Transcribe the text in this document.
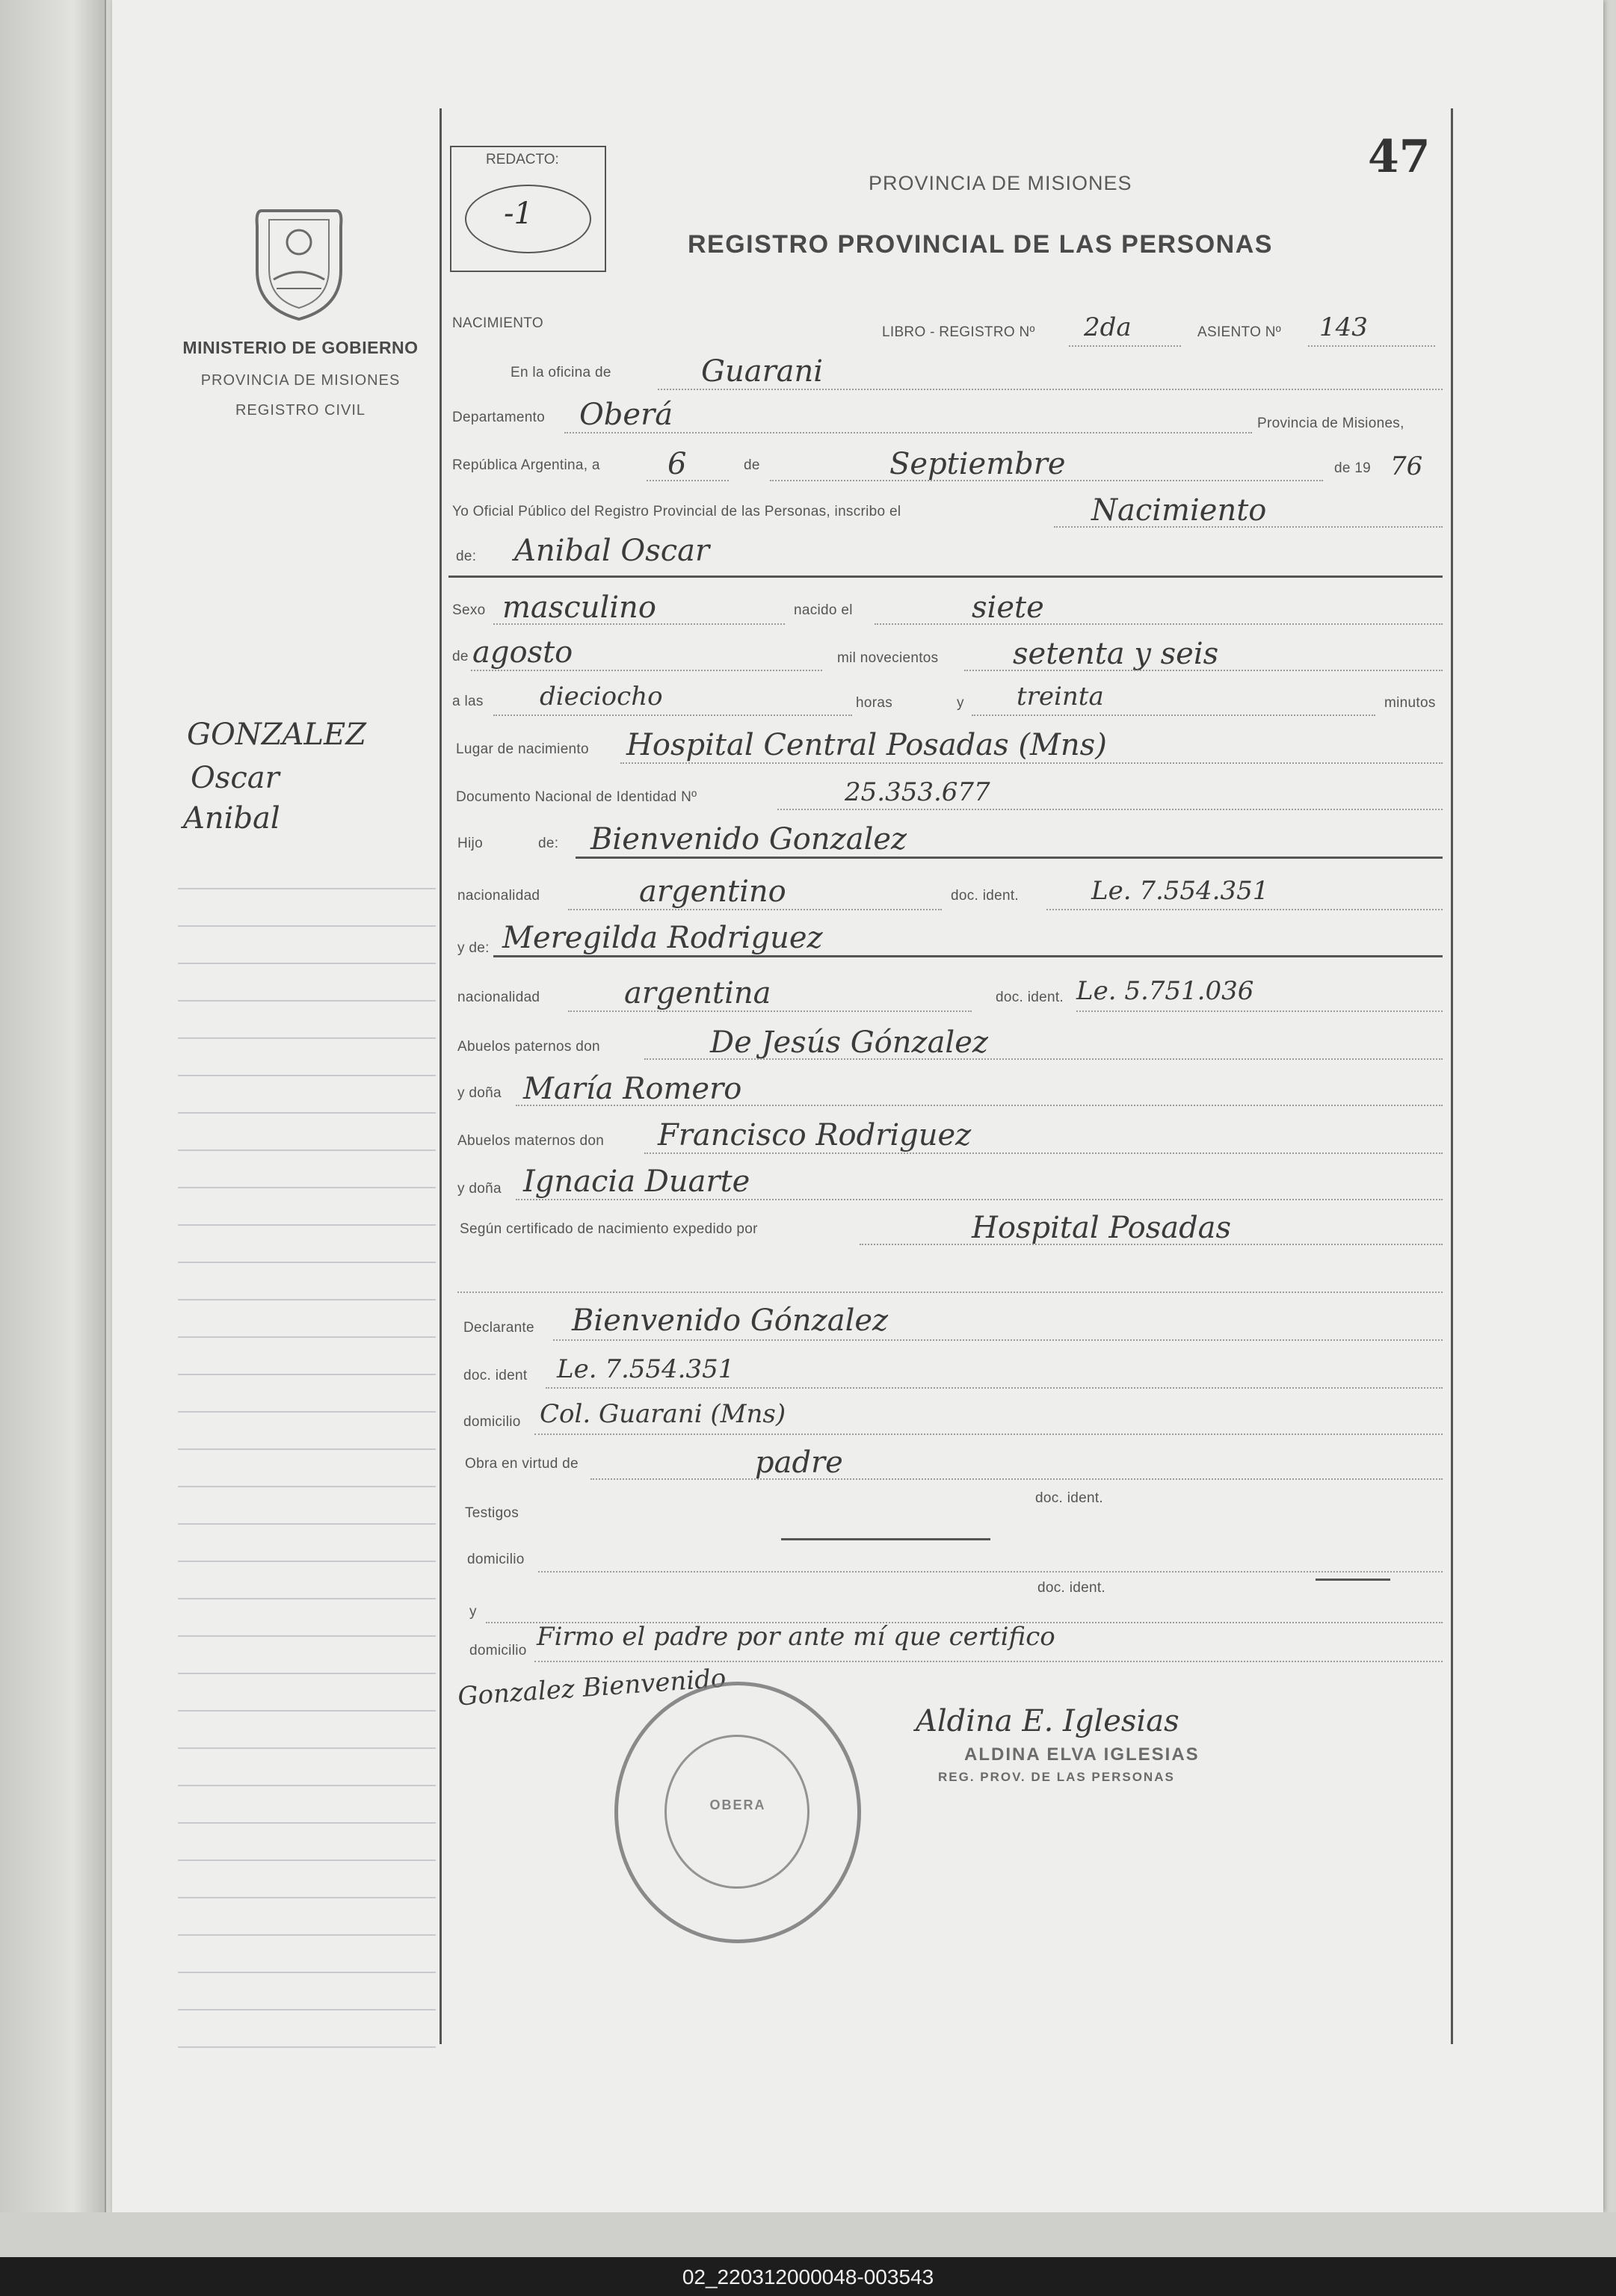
MINISTERIO DE GOBIERNO
PROVINCIA DE MISIONES
REGISTRO CIVIL
GONZALEZ
Oscar
Anibal
REDACTO:
-1
47
PROVINCIA DE MISIONES
REGISTRO PROVINCIAL DE LAS PERSONAS
NACIMIENTO
LIBRO - REGISTRO Nº 2da	ASIENTO Nº 143
En la oficina de	Guarani
Departamento Oberá	Provincia de Misiones,
República Argentina, a 6	de	Septiembre	de 19 76
Yo Oficial Público del Registro Provincial de las Personas, inscribo el	Nacimiento
de: Anibal Oscar
Sexo masculino	nacido el	siete
de agosto	mil novecientos setenta y seis
a las dieciocho	horas	y treinta	minutos
Lugar de nacimiento Hospital Central Posadas (Mns)
Documento Nacional de Identidad Nº	25.353.677
Hijo	de: Bienvenido Gonzalez
nacionalidad	argentino	doc. ident.	Le. 7.554.351
y de: Meregilda Rodriguez
nacionalidad	argentina	doc. ident. Le. 5.751.036
Abuelos paternos don	De Jesús Gónzalez
y doña María Romero
Abuelos maternos don Francisco Rodriguez
y doña Ignacia Duarte
Según certificado de nacimiento expedido por	Hospital Posadas
Declarante Bienvenido Gónzalez
doc. ident Le. 7.554.351
domicilio Col. Guarani (Mns)
Obra en virtud de	padre
Testigos
doc. ident.
domicilio
doc. ident.
y
domicilio Firmo el padre por ante mí que certifico
Gonzalez Bienvenido
Aldina E. Iglesias
ALDINA ELVA IGLESIAS
REG. PROV. DE LAS PERSONAS
OBERA
02_220312000048-003543
